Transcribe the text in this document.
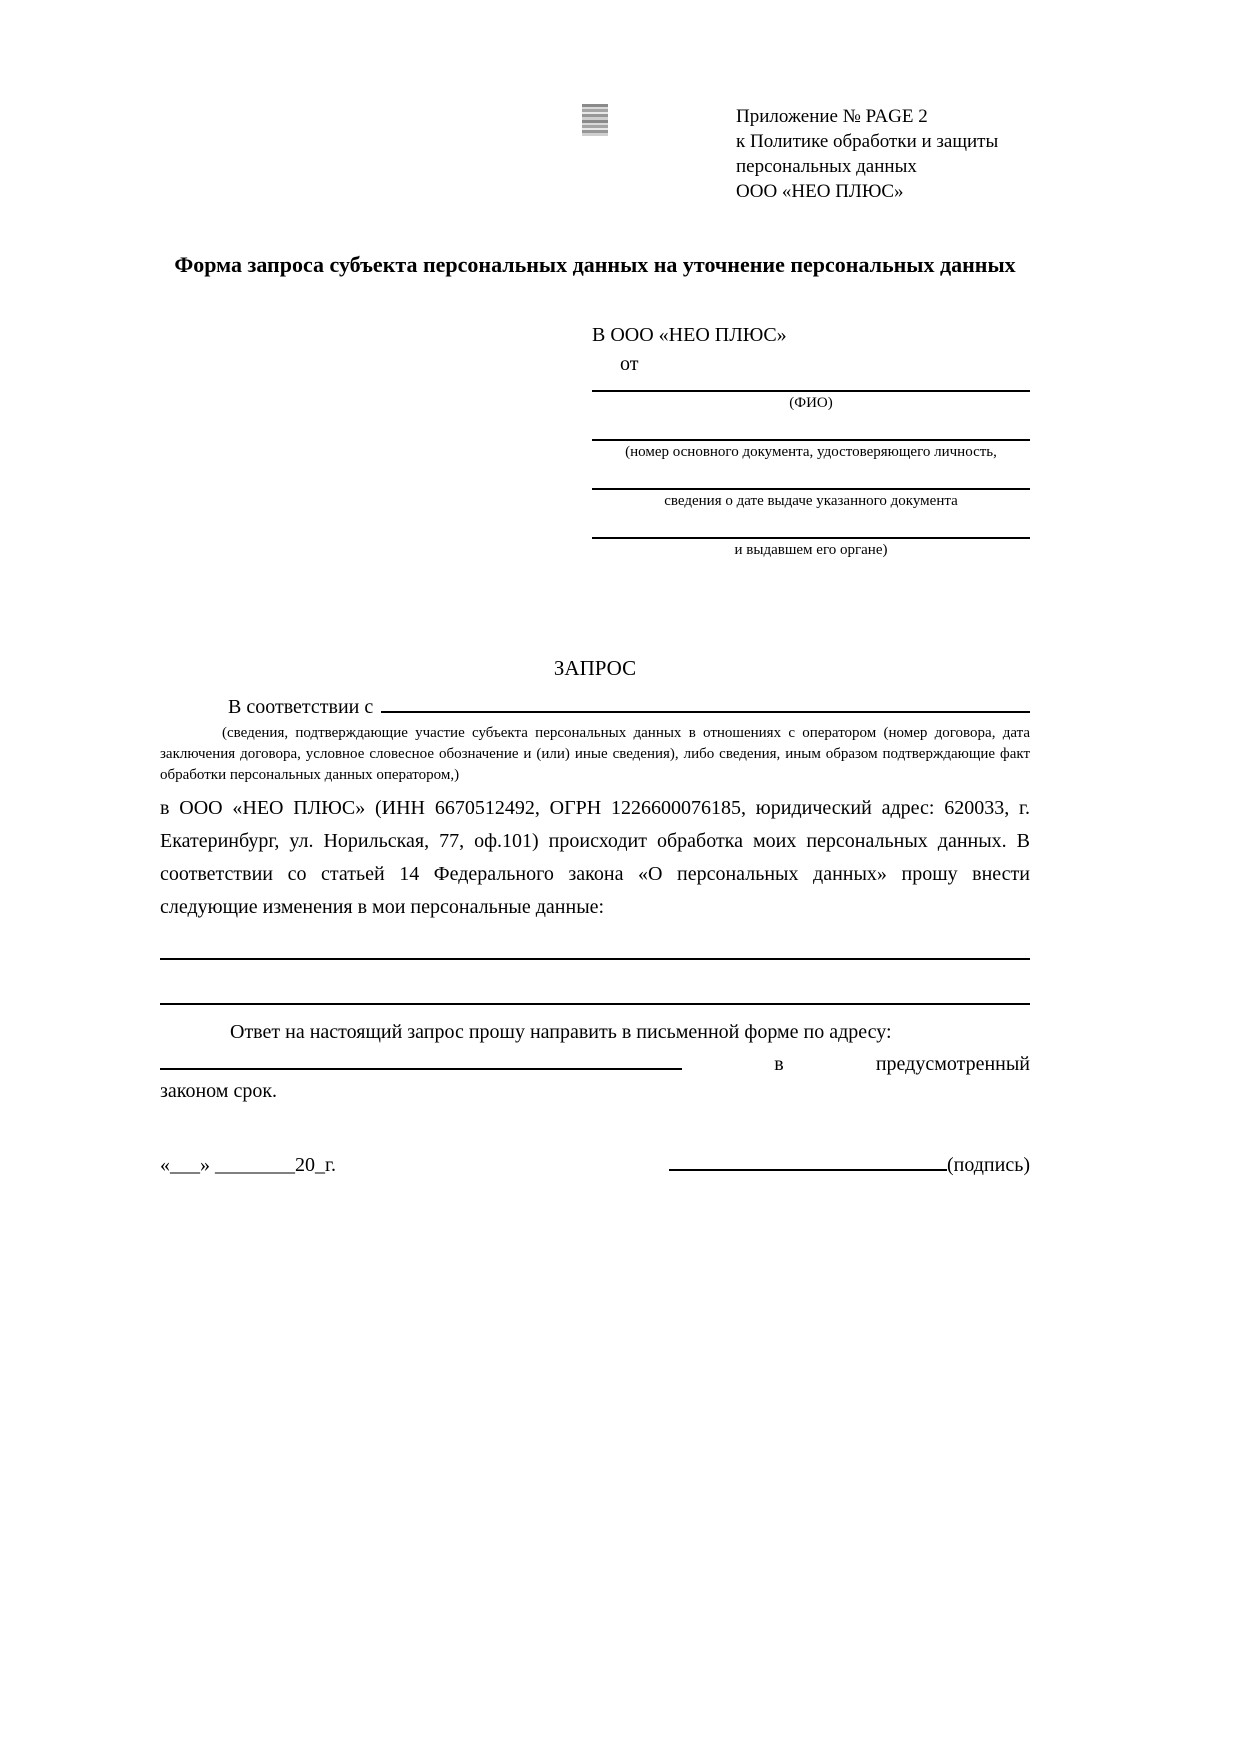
Приложение № PAGE 2
к Политике обработки и защиты
персональных данных
ООО «НЕО ПЛЮС»
Форма запроса субъекта персональных данных на уточнение персональных данных
В ООО «НЕО ПЛЮС»
от
(ФИО)
(номер основного документа, удостоверяющего личность,
сведения о дате выдаче указанного документа
и выдавшем его органе)
ЗАПРОС
В соответствии с

(сведения, подтверждающие участие субъекта персональных данных в отношениях с оператором (номер договора, дата заключения договора, условное словесное обозначение и (или) иные сведения), либо сведения, иным образом подтверждающие факт обработки персональных данных оператором,)

в ООО «НЕО ПЛЮС» (ИНН 6670512492, ОГРН 1226600076185, юридический адрес: 620033, г. Екатеринбург, ул. Норильская, 77, оф.101) происходит обработка моих персональных данных. В соответствии со статьей 14 Федерального закона «О персональных данных» прошу внести следующие изменения в мои персональные данные:

Ответ на настоящий запрос прошу направить в письменной форме по адресу:

в	предусмотренный
законом срок.
«___» ________20_г.	(подпись)
